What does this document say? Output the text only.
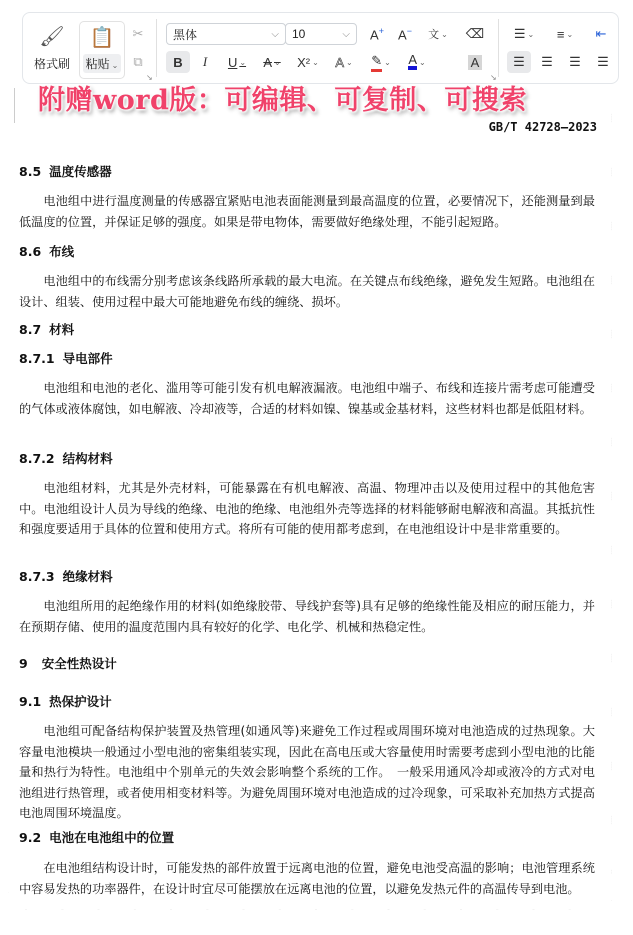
🖌
格式刷
📋
粘贴 ⌄
✂
⧉
↘
黑体	⌵ 10	⌵ A+ A− 文 ⌄ ⌫
B I U ⌄ A ⌄ X² ⌄ A ⌄ ✎ ⌄ A ⌄	A
↘
☰ ⌄ ≡ ⌄ ⇤
☰ ☰ ☰ ☰
附赠word版：可编辑、可复制、可搜索
GB/T 42728—2023
8.5 温度传感器

电池组中进行温度测量的传感器宜紧贴电池表面能测量到最高温度的位置，必要情况下，还能测量到最低温度的位置，并保证足够的强度。如果是带电物体，需要做好绝缘处理，不能引起短路。

8.6 布线

电池组中的布线需分别考虑该条线路所承载的最大电流。在关键点布线绝缘，避免发生短路。电池组在设计、组装、使用过程中最大可能地避免布线的缠绕、损坏。

8.7 材料
8.7.1 导电部件

电池组和电池的老化、滥用等可能引发有机电解液漏液。电池组中端子、布线和连接片需考虑可能遭受的气体或液体腐蚀，如电解液、冷却液等，合适的材料如镍、镍基或金基材料，这些材料也都是低阻材料。

8.7.2 结构材料

电池组材料，尤其是外壳材料，可能暴露在有机电解液、高温、物理冲击以及使用过程中的其他危害中。电池组设计人员为导线的绝缘、电池的绝缘、电池组外壳等选择的材料能够耐电解液和高温。其抵抗性和强度要适用于具体的位置和使用方式。将所有可能的使用都考虑到，在电池组设计中是非常重要的。

8.7.3 绝缘材料

电池组所用的起绝缘作用的材料(如绝缘胶带、导线护套等)具有足够的绝缘性能及相应的耐压能力，并在预期存储、使用的温度范围内具有较好的化学、电化学、机械和热稳定性。

9 安全性热设计
9.1 热保护设计

电池组可配备结构保护装置及热管理(如通风等)来避免工作过程或周围环境对电池造成的过热现象。大容量电池模块一般通过小型电池的密集组装实现，因此在高电压或大容量使用时需要考虑到小型电池的比能量和热行为特性。电池组中个别单元的失效会影响整个系统的工作。　一般采用通风冷却或液冷的方式对电池组进行热管理，或者使用相变材料等。为避免周围环境对电池造成的过冷现象，可采取补充加热方式提高电池周围环境温度。

9.2 电池在电池组中的位置

在电池组结构设计时，可能发热的部件放置于远离电池的位置，避免电池受高温的影响；电池管理系统中容易发热的功率器件，在设计时宜尽可能摆放在远离电池的位置，以避免发热元件的高温传导到电池。
